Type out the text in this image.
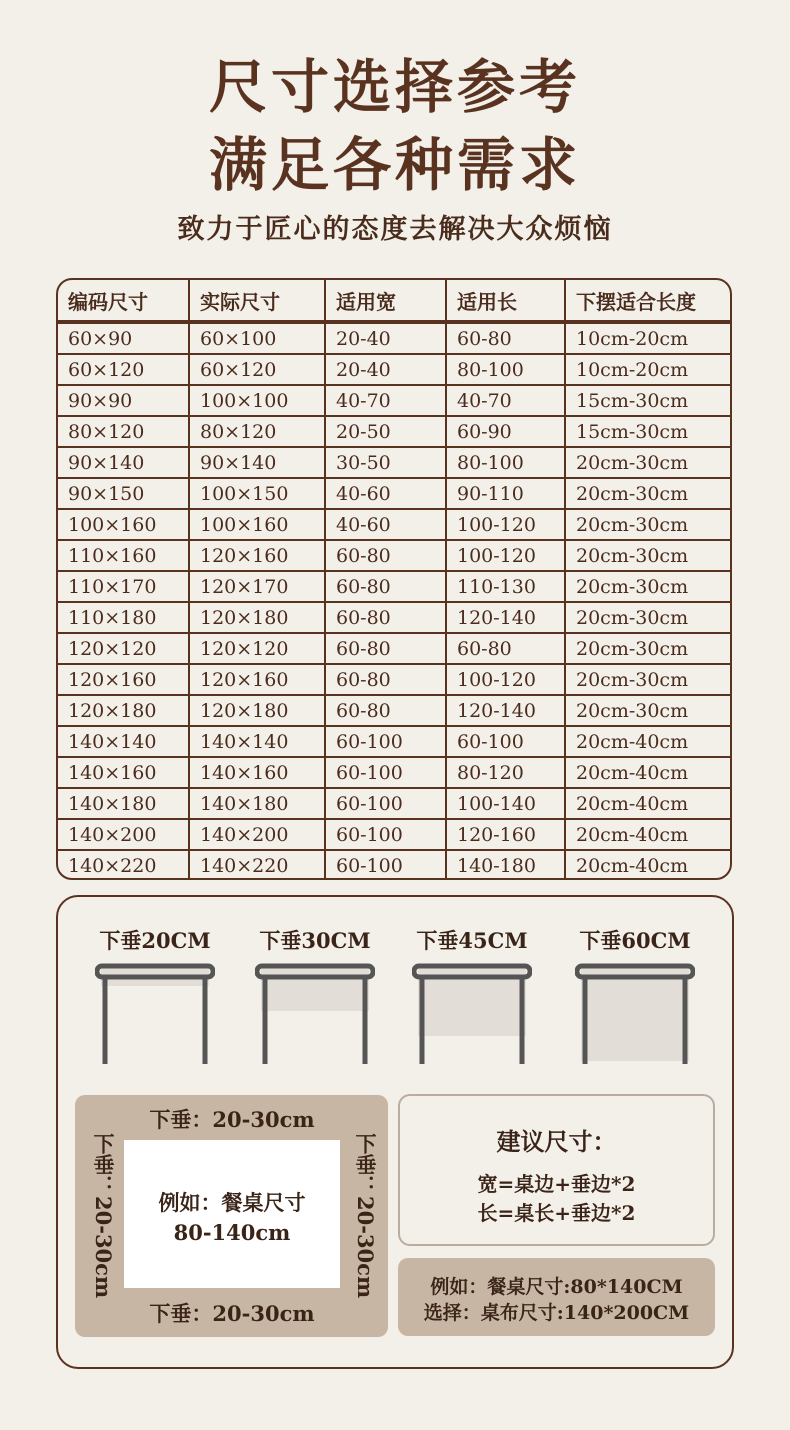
尺寸选择参考
满足各种需求
致力于匠心的态度去解决大众烦恼
编码尺寸	实际尺寸	适用宽	适用长	下摆适合长度
60×90	60×100	20-40	60-80	10cm-20cm
60×120	60×120	20-40	80-100	10cm-20cm
90×90	100×100	40-70	40-70	15cm-30cm
80×120	80×120	20-50	60-90	15cm-30cm
90×140	90×140	30-50	80-100	20cm-30cm
90×150	100×150	40-60	90-110	20cm-30cm
100×160	100×160	40-60	100-120	20cm-30cm
110×160	120×160	60-80	100-120	20cm-30cm
110×170	120×170	60-80	110-130	20cm-30cm
110×180	120×180	60-80	120-140	20cm-30cm
120×120	120×120	60-80	60-80	20cm-30cm
120×160	120×160	60-80	100-120	20cm-30cm
120×180	120×180	60-80	120-140	20cm-30cm
140×140	140×140	60-100	60-100	20cm-40cm
140×160	140×160	60-100	80-120	20cm-40cm
140×180	140×180	60-100	100-140	20cm-40cm
140×200	140×200	60-100	120-160	20cm-40cm
140×220	140×220	60-100	140-180	20cm-40cm
下垂20CM	下垂30CM	下垂45CM	下垂60CM
下垂：20-30cm
下垂：20-30cm
下垂：20-30cm	下垂：20-30cm
例如：餐桌尺寸
80-140cm
建议尺寸：
宽=桌边+垂边*2
长=桌长+垂边*2
例如：餐桌尺寸:80*140CM
选择：桌布尺寸:140*200CM
